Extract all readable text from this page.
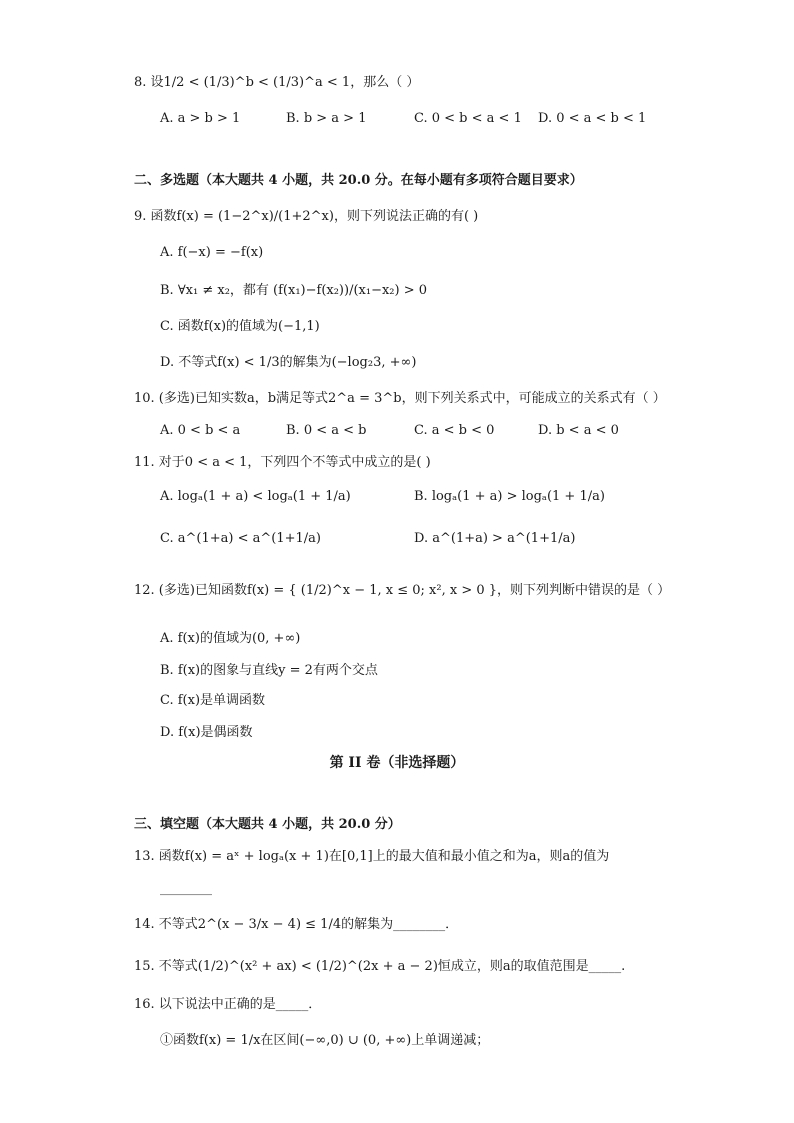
8. 设1/2 < (1/3)^b < (1/3)^a < 1，那么（ ）
A. a > b > 1	B. b > a > 1	C. 0 < b < a < 1 D. 0 < a < b < 1
二、多选题（本大题共 4 小题，共 20.0 分。在每小题有多项符合题目要求）
9. 函数f(x) = (1−2^x)/(1+2^x)，则下列说法正确的有( )
A. f(−x) = −f(x)
B. ∀x₁ ≠ x₂，都有 (f(x₁)−f(x₂))/(x₁−x₂) > 0
C. 函数f(x)的值域为(−1,1)
D. 不等式f(x) < 1/3的解集为(−log₂3, +∞)
10. (多选)已知实数a，b满足等式2^a = 3^b，则下列关系式中，可能成立的关系式有（ ）
A. 0 < b < a	B. 0 < a < b	C. a < b < 0	D. b < a < 0
11. 对于0 < a < 1，下列四个不等式中成立的是( )
A. logₐ(1 + a) < logₐ(1 + 1/a)	B. logₐ(1 + a) > logₐ(1 + 1/a)
C. a^(1+a) < a^(1+1/a)	D. a^(1+a) > a^(1+1/a)
12. (多选)已知函数f(x) = { (1/2)^x − 1, x ≤ 0; x², x > 0 }，则下列判断中错误的是（ ）
A. f(x)的值域为(0, +∞)
B. f(x)的图象与直线y = 2有两个交点
C. f(x)是单调函数
D. f(x)是偶函数
第 II 卷（非选择题）
三、填空题（本大题共 4 小题，共 20.0 分）
13. 函数f(x) = aˣ + logₐ(x + 1)在[0,1]上的最大值和最小值之和为a，则a的值为
________
14. 不等式2^(x − 3/x − 4) ≤ 1/4的解集为________．
15. 不等式(1/2)^(x² + ax) < (1/2)^(2x + a − 2)恒成立，则a的取值范围是_____.
16. 以下说法中正确的是_____．
①函数f(x) = 1/x在区间(−∞,0) ∪ (0, +∞)上单调递减；
